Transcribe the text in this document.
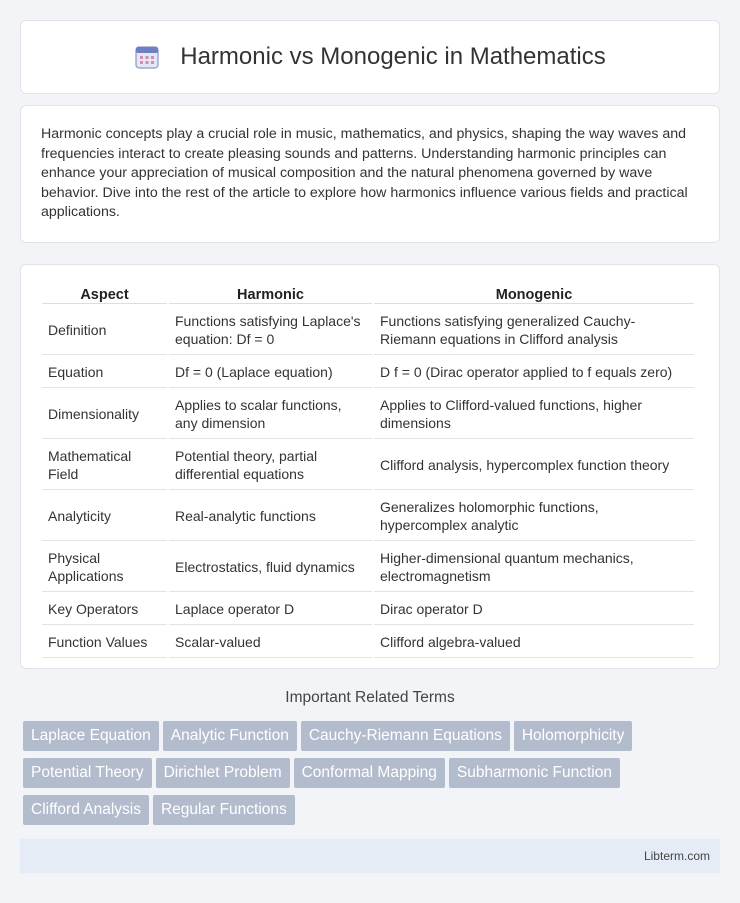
Harmonic vs Monogenic in Mathematics

Harmonic concepts play a crucial role in music, mathematics, and physics, shaping the way waves and frequencies interact to create pleasing sounds and patterns. Understanding harmonic principles can enhance your appreciation of musical composition and the natural phenomena governed by wave behavior. Dive into the rest of the article to explore how harmonics influence various fields and practical applications.

Aspect	Harmonic	Monogenic
Definition	Functions satisfying Laplace's equation: Df = 0	Functions satisfying generalized Cauchy-Riemann equations in Clifford analysis
Equation	Df = 0 (Laplace equation)	D f = 0 (Dirac operator applied to f equals zero)
Dimensionality	Applies to scalar functions, any dimension	Applies to Clifford-valued functions, higher dimensions
Mathematical Field	Potential theory, partial differential equations	Clifford analysis, hypercomplex function theory
Analyticity	Real-analytic functions	Generalizes holomorphic functions, hypercomplex analytic
Physical Applications	Electrostatics, fluid dynamics	Higher-dimensional quantum mechanics, electromagnetism
Key Operators	Laplace operator D	Dirac operator D
Function Values	Scalar-valued	Clifford algebra-valued
Important Related Terms
Laplace Equation Analytic Function Cauchy-Riemann Equations Holomorphicity
Potential Theory Dirichlet Problem Conformal Mapping Subharmonic Function
Clifford Analysis Regular Functions
Libterm.com
